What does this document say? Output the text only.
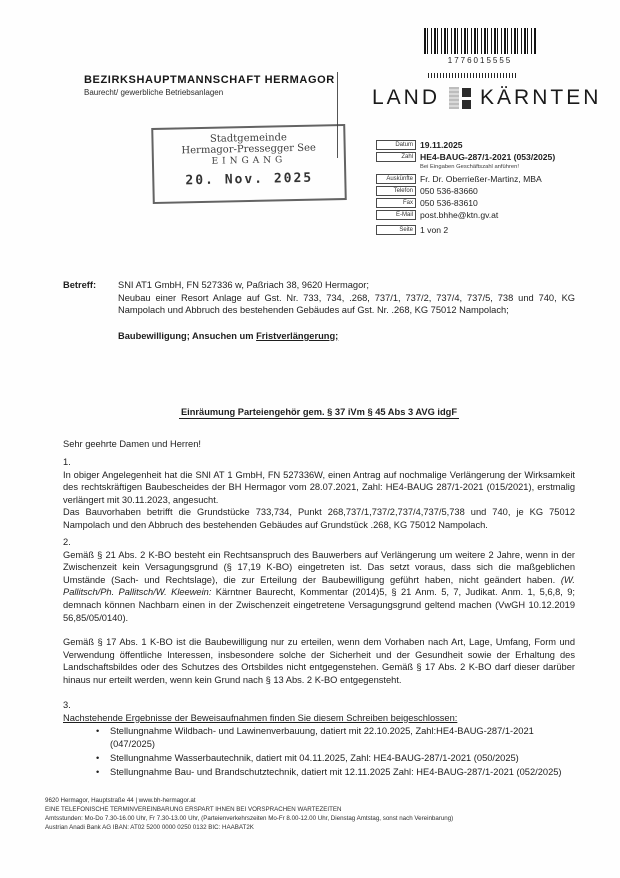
1776015555
BEZIRKSHAUPTMANNSCHAFT HERMAGOR
Baurecht/ gewerbliche Betriebsanlagen	LAND KÄRNTEN
Stadtgemeinde
Hermagor-Pressegger See
EINGANG
20. Nov. 2025
Datum 19.11.2025
Zahl HE4-BAUG-287/1-2021 (053/2025)
Bei Eingaben Geschäftszahl anführen!
Auskünfte Fr. Dr. Oberrießer-Martinz, MBA
Telefon 050 536-83660
Fax 050 536-83610
E-Mail post.bhhe@ktn.gv.at
Seite 1 von 2
Betreff:	SNI AT1 GmbH, FN 527336 w, Paßriach 38, 9620 Hermagor;
Neubau einer Resort Anlage auf Gst. Nr. 733, 734, .268, 737/1, 737/2, 737/4, 737/5, 738 und 740, KG Nampolach und Abbruch des bestehenden Gebäudes auf Gst. Nr. .268, KG 75012 Nampolach;
Baubewilligung; Ansuchen um Fristverlängerung;
Einräumung Parteiengehör gem. § 37 iVm § 45 Abs 3 AVG idgF
Sehr geehrte Damen und Herren!
1.
In obiger Angelegenheit hat die SNI AT 1 GmbH, FN 527336W, einen Antrag auf nochmalige Verlängerung der Wirksamkeit des rechtskräftigen Baubescheides der BH Hermagor vom 28.07.2021, Zahl: HE4-BAUG 287/1-2021 (015/2021), erstmalig verlängert mit 30.11.2023, angesucht.
Das Bauvorhaben betrifft die Grundstücke 733,734, Punkt 268,737/1,737/2,737/4,737/5,738 und 740, je KG 75012 Nampolach und den Abbruch des bestehenden Gebäudes auf Grundstück .268, KG 75012 Nampolach.
2.
Gemäß § 21 Abs. 2 K-BO besteht ein Rechtsanspruch des Bauwerbers auf Verlängerung um weitere 2 Jahre, wenn in der Zwischenzeit kein Versagungsgrund (§ 17,19 K-BO) eingetreten ist. Das setzt voraus, dass sich die maßgeblichen Umstände (Sach- und Rechtslage), die zur Erteilung der Baubewilligung geführt haben, nicht geändert haben. (W. Pallitsch/Ph. Pallitsch/W. Kleewein: Kärntner Baurecht, Kommentar (2014)5, § 21 Anm. 5, 7, Judikat. Anm. 1, 5,6,8, 9; demnach können Nachbarn einen in der Zwischenzeit eingetretene Versagungsgrund geltend machen (VwGH 10.12.2019 56,85/05/0140).
Gemäß § 17 Abs. 1 K-BO ist die Baubewilligung nur zu erteilen, wenn dem Vorhaben nach Art, Lage, Umfang, Form und Verwendung öffentliche Interessen, insbesondere solche der Sicherheit und der Gesundheit sowie der Erhaltung des Landschaftsbildes oder des Schutzes des Ortsbildes nicht entgegenstehen. Gemäß § 17 Abs. 2 K-BO darf dieser darüber hinaus nur erteilt werden, wenn kein Grund nach § 13 Abs. 2 K-BO entgegensteht.
3.
Nachstehende Ergebnisse der Beweisaufnahmen finden Sie diesem Schreiben beigeschlossen:
• Stellungnahme Wildbach- und Lawinenverbauung, datiert mit 22.10.2025, Zahl:HE4-BAUG-287/1-2021 (047/2025)
• Stellungnahme Wasserbautechnik, datiert mit 04.11.2025, Zahl: HE4-BAUG-287/1-2021 (050/2025)
• Stellungnahme Bau- und Brandschutztechnik, datiert mit 12.11.2025 Zahl: HE4-BAUG-287/1-2021 (052/2025)
9620 Hermagor, Hauptstraße 44 | www.bh-hermagor.at
EINE TELEFONISCHE TERMINVEREINBARUNG ERSPART IHNEN BEI VORSPRACHEN WARTEZEITEN
Amtsstunden: Mo-Do 7.30-16.00 Uhr, Fr 7.30-13.00 Uhr, (Parteienverkehrszeiten Mo-Fr 8.00-12.00 Uhr, Dienstag Amtstag, sonst nach Vereinbarung)
Austrian Anadi Bank AG IBAN: AT02 5200 0000 0250 0132 BIC: HAABAT2K
